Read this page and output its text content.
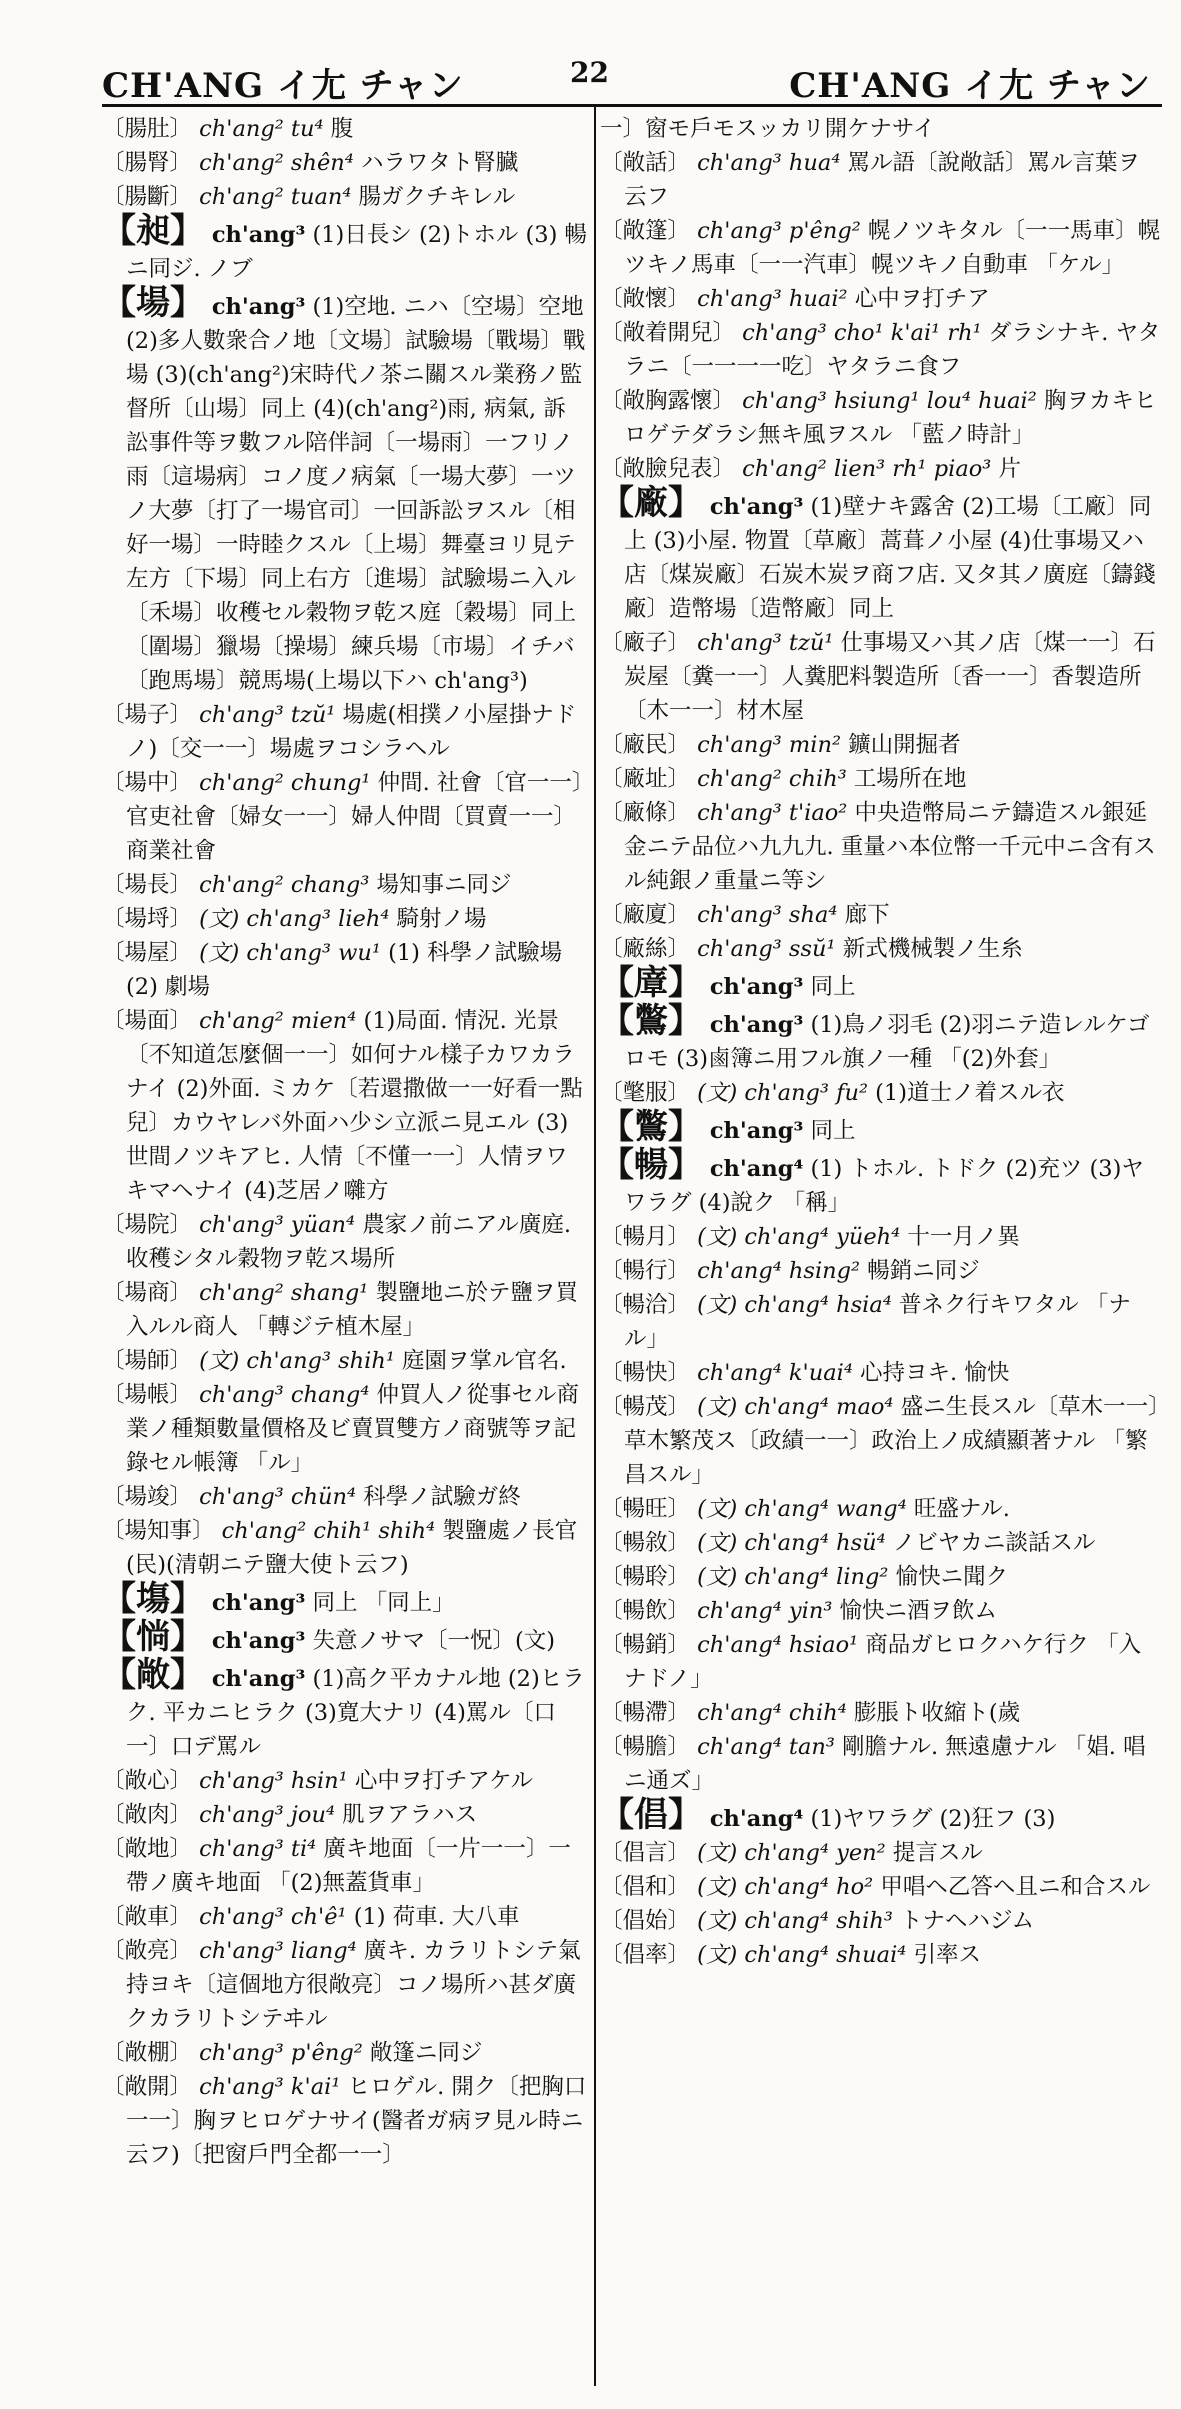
CH'ANG イ尢 チャン	22	CH'ANG イ尢 チャン

〔腸肚〕 ch'ang² tu⁴ 腹

〔腸腎〕 ch'ang² shên⁴ ハラワタト腎臓

〔腸斷〕 ch'ang² tuan⁴ 腸ガクチキレル

【昶】 ch'ang³ (1)日長シ (2)トホル (3) 暢ニ同ジ. ノブ

【場】 ch'ang³ (1)空地. ニハ〔空場〕空地 (2)多人數衆合ノ地〔文場〕試驗場〔戰場〕戰場 (3)(ch'ang²)宋時代ノ茶ニ關スル業務ノ監督所〔山場〕同上 (4)(ch'ang²)雨, 病氣, 訴訟事件等ヲ數フル陪伴詞〔一場雨〕一フリノ雨〔這場病〕コノ度ノ病氣〔一場大夢〕一ツノ大夢〔打了一場官司〕一回訴訟ヲスル〔相好一場〕一時睦クスル〔上場〕舞臺ヨリ見テ左方〔下場〕同上右方〔進場〕試驗場ニ入ル〔禾場〕收穫セル穀物ヲ乾ス庭〔穀場〕同上〔圍場〕獵場〔操場〕練兵場〔市場〕イチバ〔跑馬場〕競馬場(上場以下ハ ch'ang³)

〔場子〕 ch'ang³ tzŭ¹ 場處(相撲ノ小屋掛ナドノ)〔交一一〕場處ヲコシラヘル

〔場中〕 ch'ang² chung¹ 仲間. 社會〔官一一〕官吏社會〔婦女一一〕婦人仲間〔買賣一一〕商業社會

〔場長〕 ch'ang² chang³ 場知事ニ同ジ

〔場埒〕 (文) ch'ang³ lieh⁴ 騎射ノ場

〔場屋〕 (文) ch'ang³ wu¹ (1) 科學ノ試驗場 (2) 劇場

〔場面〕 ch'ang² mien⁴ (1)局面. 情況. 光景〔不知道怎麼個一一〕如何ナル樣子カワカラナイ (2)外面. ミカケ〔若還撒做一一好看一點兒〕カウヤレバ外面ハ少シ立派ニ見エル (3) 世間ノツキアヒ. 人情〔不懂一一〕人情ヲワキマヘナイ (4)芝居ノ囃方

〔場院〕 ch'ang³ yüan⁴ 農家ノ前ニアル廣庭. 收穫シタル穀物ヲ乾ス場所

〔場商〕 ch'ang² shang¹ 製鹽地ニ於テ鹽ヲ買入ルル商人 「轉ジテ植木屋」

〔場師〕 (文) ch'ang³ shih¹ 庭園ヲ掌ル官名.

〔場帳〕 ch'ang³ chang⁴ 仲買人ノ從事セル商業ノ種類數量價格及ビ賣買雙方ノ商號等ヲ記錄セル帳簿 「ル」

〔場竣〕 ch'ang³ chün⁴ 科學ノ試驗ガ終

〔場知事〕 ch'ang² chih¹ shih⁴ 製鹽處ノ長官(民)(清朝ニテ鹽大使ト云フ)

【塲】 ch'ang³ 同上 「同上」

【惝】 ch'ang³ 失意ノサマ〔一怳〕(文)

【敞】 ch'ang³ (1)高ク平カナル地 (2)ヒラク. 平カニヒラク (3)寛大ナリ (4)罵ル〔口一〕口デ罵ル

〔敞心〕 ch'ang³ hsin¹ 心中ヲ打チアケル

〔敞肉〕 ch'ang³ jou⁴ 肌ヲアラハス

〔敞地〕 ch'ang³ ti⁴ 廣キ地面〔一片一一〕一帶ノ廣キ地面 「(2)無蓋貨車」

〔敞車〕 ch'ang³ ch'ê¹ (1) 荷車. 大八車

〔敞亮〕 ch'ang³ liang⁴ 廣キ. カラリトシテ氣持ヨキ〔這個地方很敞亮〕コノ場所ハ甚ダ廣クカラリトシテヰル

〔敞棚〕 ch'ang³ p'êng² 敞篷ニ同ジ

〔敞開〕 ch'ang³ k'ai¹ ヒロゲル. 開ク〔把胸口一一〕胸ヲヒロゲナサイ(醫者ガ病ヲ見ル時ニ云フ)〔把窗戶門全都一一〕

一〕窗モ戶モスッカリ開ケナサイ

〔敞話〕 ch'ang³ hua⁴ 罵ル語〔說敞話〕罵ル言葉ヲ云フ

〔敞篷〕 ch'ang³ p'êng² 幌ノツキタル〔一一馬車〕幌ツキノ馬車〔一一汽車〕幌ツキノ自動車 「ケル」

〔敞懷〕 ch'ang³ huai² 心中ヲ打チア

〔敞着開兒〕 ch'ang³ cho¹ k'ai¹ rh¹ ダラシナキ. ヤタラニ〔一一一一吃〕ヤタラニ食フ

〔敞胸露懷〕 ch'ang³ hsiung¹ lou⁴ huai² 胸ヲカキヒロゲテダラシ無キ風ヲスル 「藍ノ時計」

〔敞臉兒表〕 ch'ang² lien³ rh¹ piao³ 片

【廠】 ch'ang³ (1)壁ナキ露舍 (2)工場〔工廠〕同上 (3)小屋. 物置〔草廠〕蒿葺ノ小屋 (4)仕事場又ハ店〔煤炭廠〕石炭木炭ヲ商フ店. 又タ其ノ廣庭〔鑄錢廠〕造幣場〔造幣廠〕同上

〔廠子〕 ch'ang³ tzŭ¹ 仕事場又ハ其ノ店〔煤一一〕石炭屋〔糞一一〕人糞肥料製造所〔香一一〕香製造所〔木一一〕材木屋

〔廠民〕 ch'ang³ min² 鑛山開掘者

〔廠址〕 ch'ang² chih³ 工場所在地

〔廠條〕 ch'ang³ t'iao² 中央造幣局ニテ鑄造スル銀延金ニテ品位ハ九九九. 重量ハ本位幣一千元中ニ含有スル純銀ノ重量ニ等シ

〔廠廈〕 ch'ang³ sha⁴ 廊下

〔廠絲〕 ch'ang³ ssŭ¹ 新式機械製ノ生糸

【㢓】 ch'ang³ 同上

【鷩】 ch'ang³ (1)鳥ノ羽毛 (2)羽ニテ造レルケゴロモ (3)鹵簿ニ用フル旗ノ一種 「(2)外套」

〔氅服〕 (文) ch'ang³ fu² (1)道士ノ着スル衣

【鷩】 ch'ang³ 同上

【暢】 ch'ang⁴ (1) トホル. トドク (2)充ツ (3)ヤワラグ (4)說ク 「稱」

〔暢月〕 (文) ch'ang⁴ yüeh⁴ 十一月ノ異

〔暢行〕 ch'ang⁴ hsing² 暢銷ニ同ジ

〔暢洽〕 (文) ch'ang⁴ hsia⁴ 普ネク行キワタル 「ナル」

〔暢快〕 ch'ang⁴ k'uai⁴ 心持ヨキ. 愉快

〔暢茂〕 (文) ch'ang⁴ mao⁴ 盛ニ生長スル〔草木一一〕草木繁茂ス〔政績一一〕政治上ノ成績顯著ナル 「繁昌スル」

〔暢旺〕 (文) ch'ang⁴ wang⁴ 旺盛ナル.

〔暢敘〕 (文) ch'ang⁴ hsü⁴ ノビヤカニ談話スル

〔暢聆〕 (文) ch'ang⁴ ling² 愉快ニ聞ク

〔暢飲〕 ch'ang⁴ yin³ 愉快ニ酒ヲ飲ム

〔暢銷〕 ch'ang⁴ hsiao¹ 商品ガヒロクハケ行ク 「入ナドノ」

〔暢滯〕 ch'ang⁴ chih⁴ 膨脹ト收縮ト(歲

〔暢膽〕 ch'ang⁴ tan³ 剛膽ナル. 無遠慮ナル 「娼. 唱ニ通ズ」

【倡】 ch'ang⁴ (1)ヤワラグ (2)狂フ (3)

〔倡言〕 (文) ch'ang⁴ yen² 提言スル

〔倡和〕 (文) ch'ang⁴ ho² 甲唱ヘ乙答ヘ且ニ和合スル

〔倡始〕 (文) ch'ang⁴ shih³ トナヘハジム

〔倡率〕 (文) ch'ang⁴ shuai⁴ 引率ス
